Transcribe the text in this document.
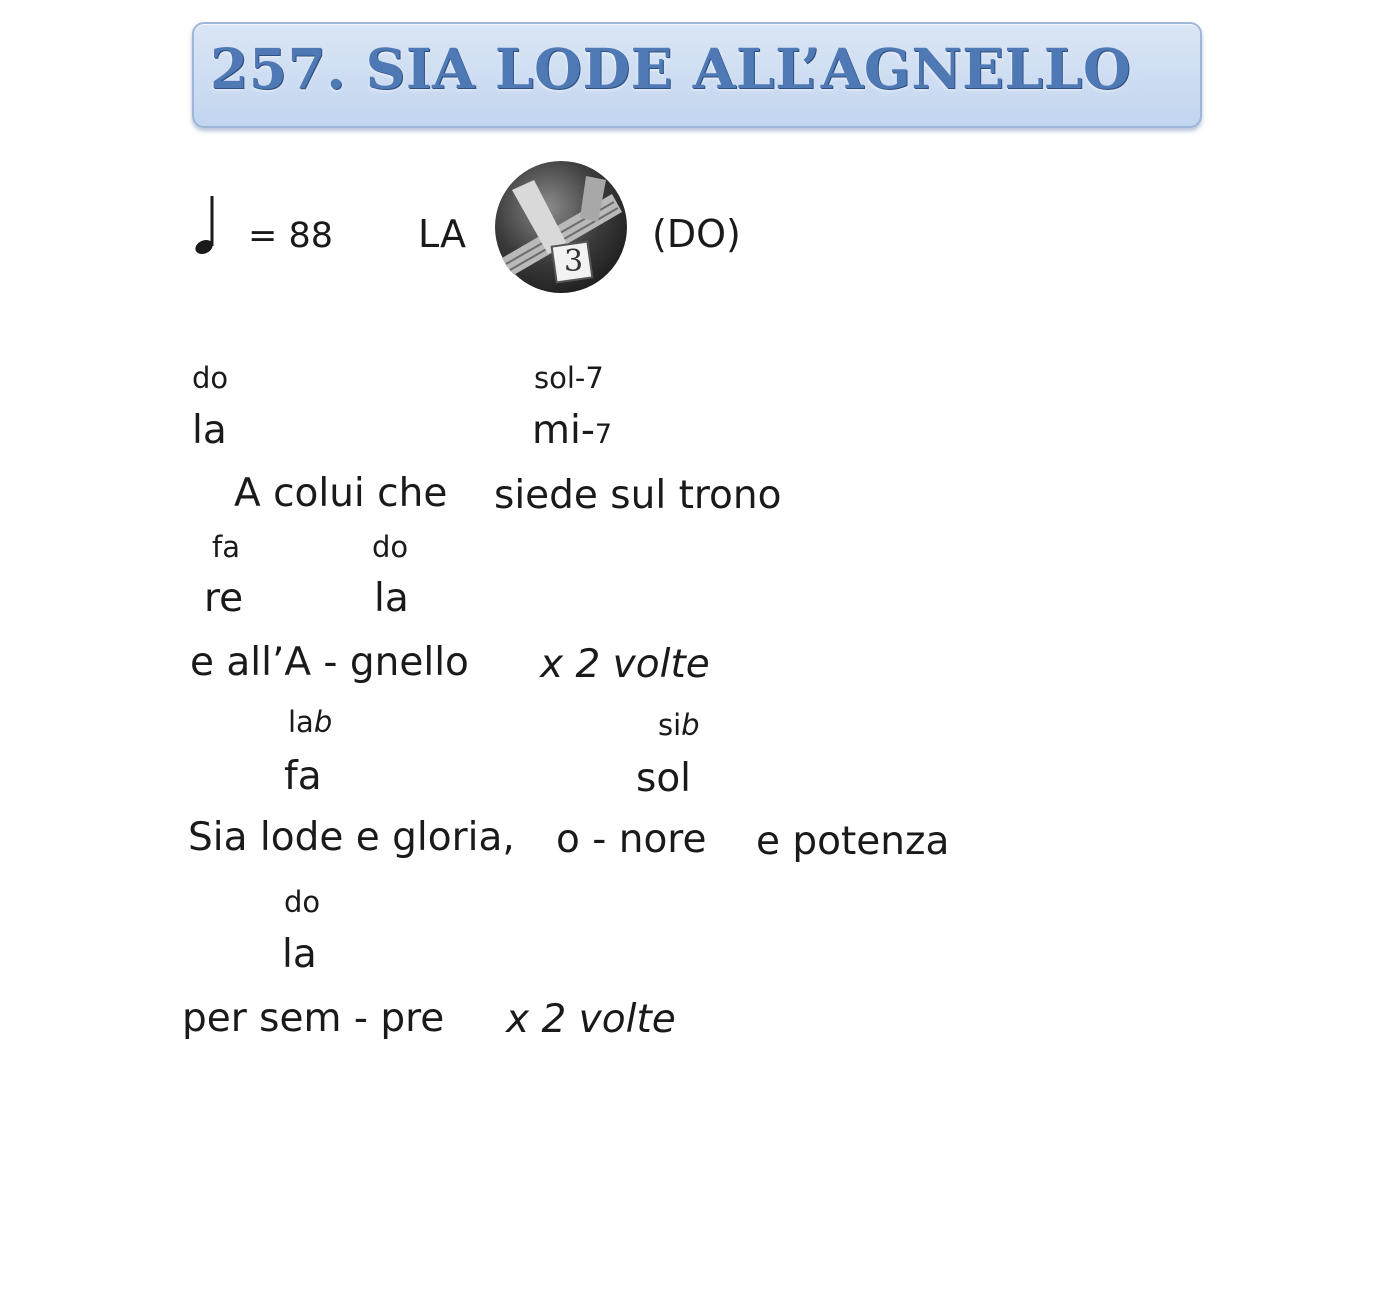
257. SIA LODE ALL’AGNELLO
= 88 LA
3
(DO)
do	sol-7
la	mi-7
A colui che siede sul trono
fa	do
re	la
e all’A - gnello x 2 volte
lab	sib
fa	sol
Sia lode e gloria, o - nore e potenza
do
la
per sem - pre x 2 volte
